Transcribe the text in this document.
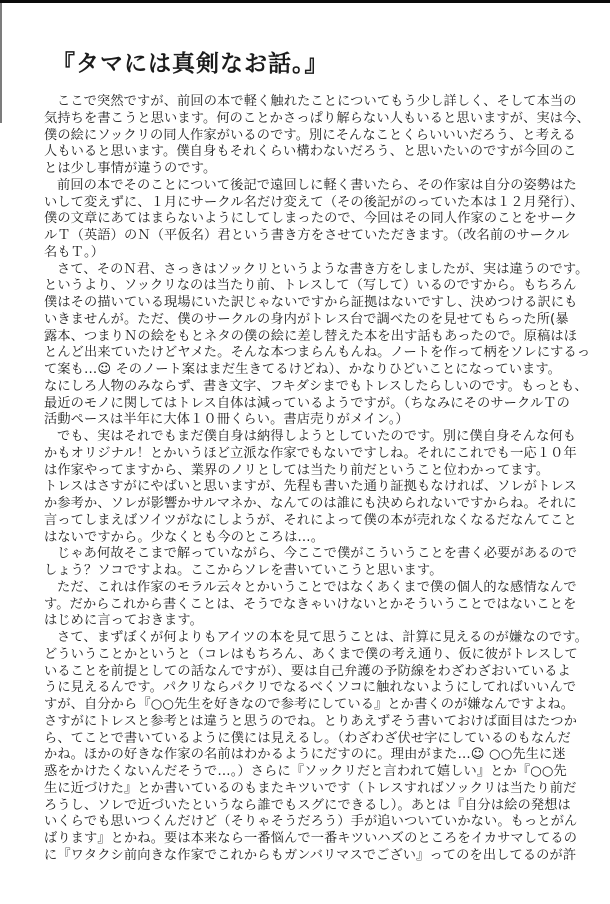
『タマには真剣なお話。』
ここで突然ですが、前回の本で軽く触れたことについてもう少し詳しく、そして本当の
気持ちを書こうと思います。何のことかさっぱり解らない人もいると思いますが、実は今、
僕の絵にソックリの同人作家がいるのです。別にそんなことくらいいいだろう、と考える
人もいると思います。僕自身もそれくらい構わないだろう、と思いたいのですが今回のこ
とは少し事情が違うのです。
前回の本でそのことについて後記で遠回しに軽く書いたら、その作家は自分の姿勢はた
いして変えずに、１月にサークル名だけ変えて（その後記がのっていた本は１２月発行）、
僕の文章にあてはまらないようにしてしまったので、今回はその同人作家のことをサーク
ルＴ（英語）のＮ（平仮名）君という書き方をさせていただきます。（改名前のサークル
名もＴ。）
さて、そのＮ君、さっきはソックリというような書き方をしましたが、実は違うのです。
というより、ソックリなのは当たり前、トレスして（写して）いるのですから。もちろん
僕はその描いている現場にいた訳じゃないですから証拠はないですし、決めつける訳にも
いきませんが。ただ、僕のサークルの身内がトレス台で調べたのを見せてもらった所(暴
露本、つまりＮの絵をもとネタの僕の絵に差し替えた本を出す話もあったので。原稿はほ
とんど出来ていたけどヤメた。そんな本つまらんもんね。ノートを作って柄をソレにするっ
て案も…☺ そのノート案はまだ生きてるけどね）、かなりひどいことになっています。
なにしろ人物のみならず、書き文字、フキダシまでもトレスしたらしいのです。もっとも、
最近のモノに関してはトレス自体は減っているようですが。（ちなみにそのサークルＴの
活動ペースは半年に大体１０冊くらい。書店売りがメイン。）
でも、実はそれでもまだ僕自身は納得しようとしていたのです。別に僕自身そんな何も
かもオリジナル！とかいうほど立派な作家でもないですしね。それにこれでも一応１０年
は作家やってますから、業界のノリとしては当たり前だということ位わかってます。
トレスはさすがにやばいと思いますが、先程も書いた通り証拠もなければ、ソレがトレス
か参考か、ソレが影響かサルマネか、なんてのは誰にも決められないですからね。それに
言ってしまえばソイツがなにしようが、それによって僕の本が売れなくなるだなんてこと
はないですから。少なくとも今のところは…。
じゃあ何故そこまで解っていながら、今ここで僕がこういうことを書く必要があるので
しょう？ソコですよね。ここからソレを書いていこうと思います。
ただ、これは作家のモラル云々とかいうことではなくあくまで僕の個人的な感情なんで
す。だからこれから書くことは、そうでなきゃいけないとかそういうことではないことを
はじめに言っておきます。
さて、まずぼくが何よりもアイツの本を見て思うことは、計算に見えるのが嫌なのです。
どういうことかというと（コレはもちろん、あくまで僕の考え通り、仮に彼がトレスして
いることを前提としての話なんですが）、要は自己弁護の予防線をわざわざおいているよ
うに見えるんです。パクリならパクリでなるべくソコに触れないようにしてればいいんで
すが、自分から『○○先生を好きなので参考にしている』とか書くのが嫌なんですよね。
さすがにトレスと参考とは違うと思うのでね。とりあえずそう書いておけば面目はたつか
ら、てことで書いているように僕には見えるし。（わざわざ伏せ字にしているのもなんだ
かね。ほかの好きな作家の名前はわかるようにだすのに。理由がまた…☺ ○○先生に迷
惑をかけたくないんだそうで…。）さらに『ソックリだと言われて嬉しい』とか『○○先
生に近づけた』とか書いているのもまたキツいです（トレスすればソックリは当たり前だ
ろうし、ソレで近づいたというなら誰でもスグにできるし）。あとは『自分は絵の発想は
いくらでも思いつくんだけど（そりゃそうだろう）手が追いついていかない。もっとがん
ばります』とかね。要は本来なら一番悩んで一番キツいハズのところをイカサマしてるの
に『ワタクシ前向きな作家でこれからもガンバリマスでござい』ってのを出してるのが許
